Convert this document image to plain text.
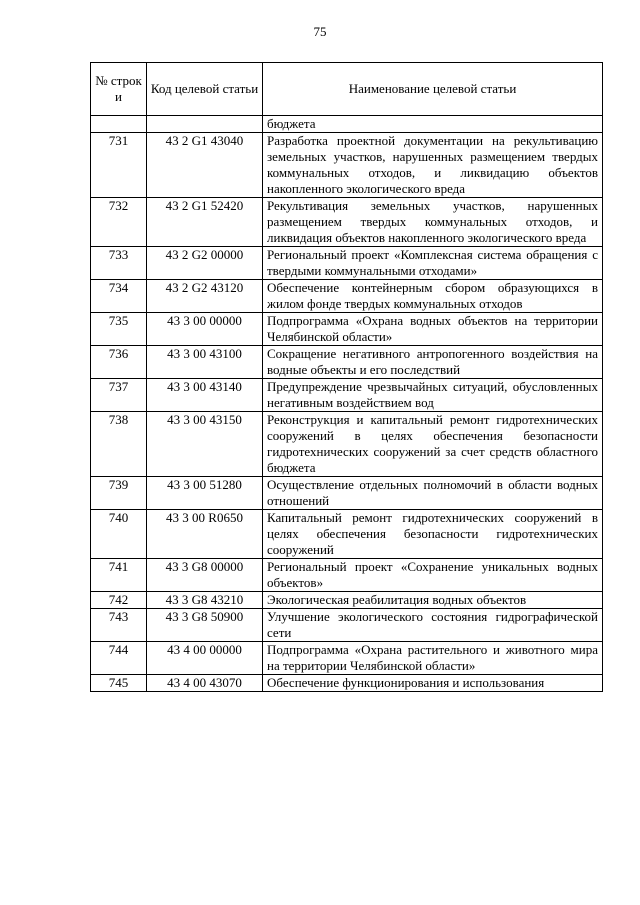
75
№ строк и	Код целевой статьи	Наименование целевой статьи
		бюджета
731	43 2 G1 43040	Разработка проектной документации на рекультивацию земельных участков, нарушенных размещением твердых коммунальных отходов, и ликвидацию объектов накопленного экологического вреда
732	43 2 G1 52420	Рекультивация земельных участков, нарушенных размещением твердых коммунальных отходов, и ликвидация объектов накопленного экологического вреда
733	43 2 G2 00000	Региональный проект «Комплексная система обращения с твердыми коммунальными отходами»
734	43 2 G2 43120	Обеспечение контейнерным сбором образующихся в жилом фонде твердых коммунальных отходов
735	43 3 00 00000	Подпрограмма «Охрана водных объектов на территории Челябинской области»
736	43 3 00 43100	Сокращение негативного антропогенного воздействия на водные объекты и его последствий
737	43 3 00 43140	Предупреждение чрезвычайных ситуаций, обусловленных негативным воздействием вод
738	43 3 00 43150	Реконструкция и капитальный ремонт гидротехнических сооружений в целях обеспечения безопасности гидротехнических сооружений за счет средств областного бюджета
739	43 3 00 51280	Осуществление отдельных полномочий в области водных отношений
740	43 3 00 R0650	Капитальный ремонт гидротехнических сооружений в целях обеспечения безопасности гидротехнических сооружений
741	43 3 G8 00000	Региональный проект «Сохранение уникальных водных объектов»
742	43 3 G8 43210	Экологическая реабилитация водных объектов
743	43 3 G8 50900	Улучшение экологического состояния гидрографической сети
744	43 4 00 00000	Подпрограмма «Охрана растительного и животного мира на территории Челябинской области»
745	43 4 00 43070	Обеспечение функционирования и использования
